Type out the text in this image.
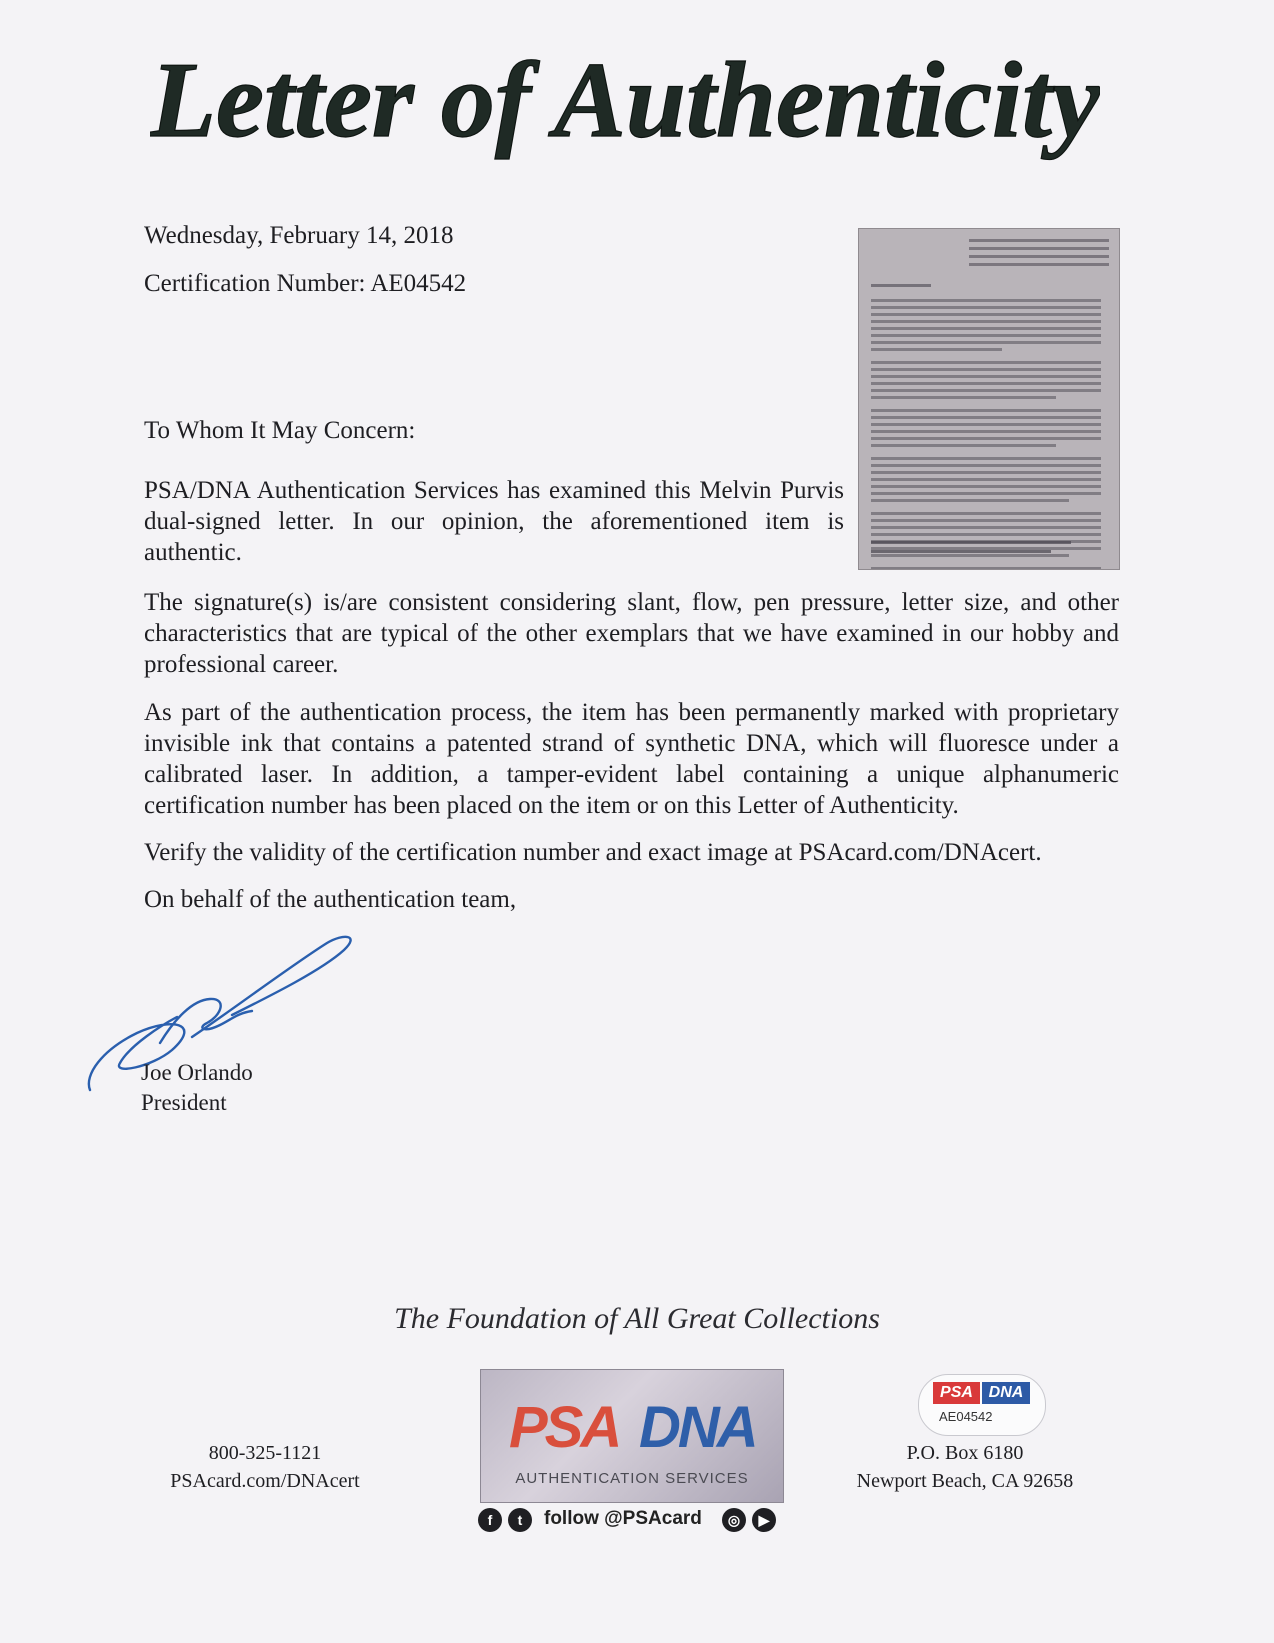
Letter of Authenticity
Wednesday, February 14, 2018
Certification Number: AE04542
To Whom It May Concern:

PSA/DNA Authentication Services has examined this Melvin Purvis dual-signed letter. In our opinion, the aforementioned item is authentic.

The signature(s) is/are consistent considering slant, flow, pen pressure, letter size, and other characteristics that are typical of the other exemplars that we have examined in our hobby and professional career.

As part of the authentication process, the item has been permanently marked with proprietary invisible ink that contains a patented strand of synthetic DNA, which will fluoresce under a calibrated laser. In addition, a tamper-evident label containing a unique alphanumeric certification number has been placed on the item or on this Letter of Authenticity.

Verify the validity of the certification number and exact image at PSAcard.com/DNAcert.

On behalf of the authentication team,

Joe Orlando
President
The Foundation of All Great Collections
800-325-1121
PSAcard.com/DNAcert
PSA DNA
AUTHENTICATION SERVICES
f	t	follow @PSAcard	◎	▶
PSA DNA
AE04542
P.O. Box 6180
Newport Beach, CA 92658
